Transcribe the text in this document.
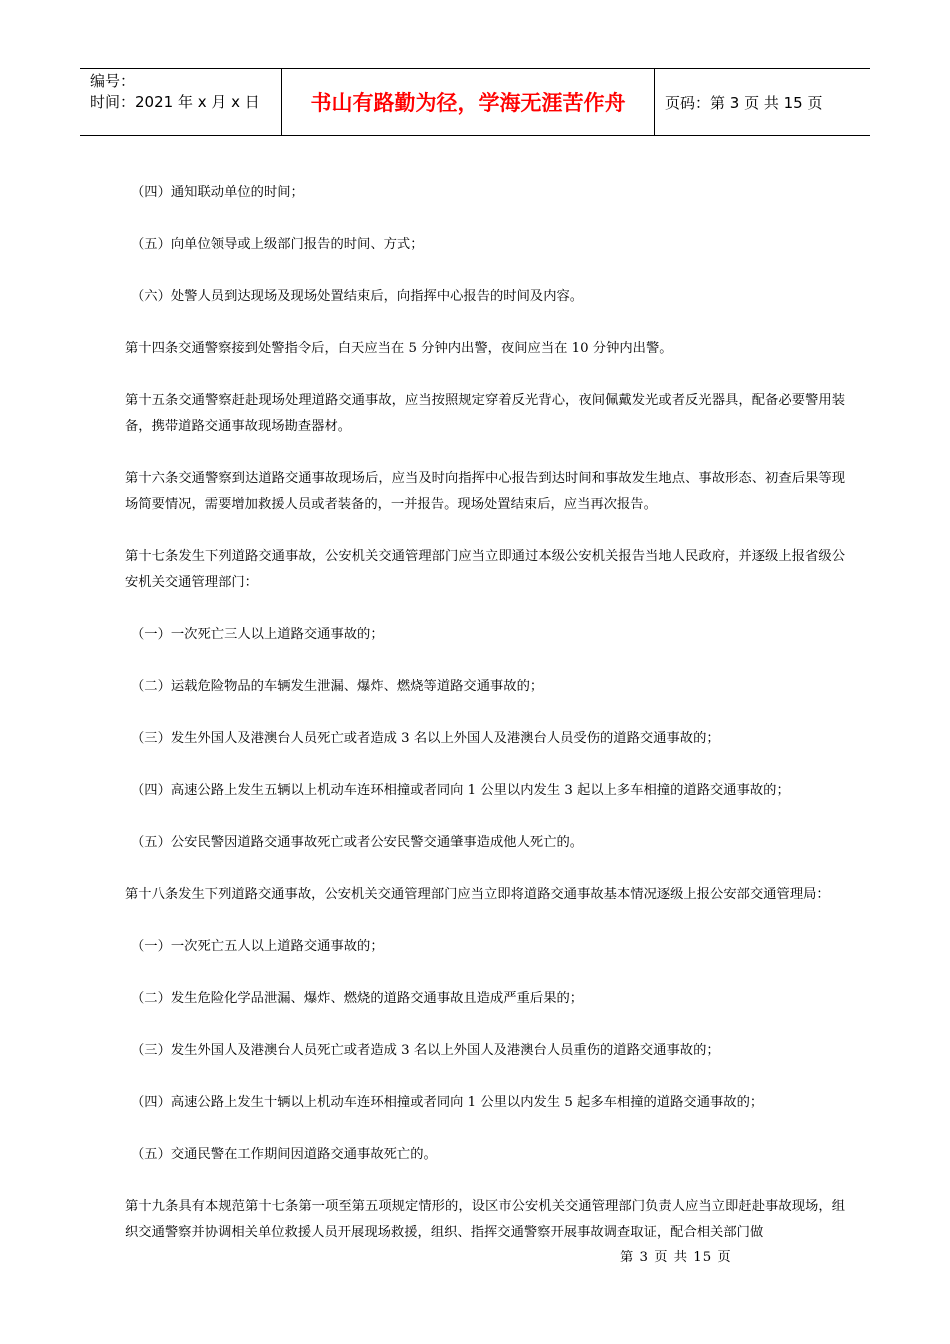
编号：
时间：2021 年 x 月 x 日	书山有路勤为径，学海无涯苦作舟	页码：第 3 页 共 15 页

（四）通知联动单位的时间；

（五）向单位领导或上级部门报告的时间、方式；

（六）处警人员到达现场及现场处置结束后，向指挥中心报告的时间及内容。

第十四条交通警察接到处警指令后，白天应当在 5 分钟内出警，夜间应当在 10 分钟内出警。

第十五条交通警察赶赴现场处理道路交通事故，应当按照规定穿着反光背心，夜间佩戴发光或者反光器具，配备必要警用装备，携带道路交通事故现场勘查器材。

第十六条交通警察到达道路交通事故现场后，应当及时向指挥中心报告到达时间和事故发生地点、事故形态、初查后果等现场简要情况，需要增加救援人员或者装备的，一并报告。现场处置结束后，应当再次报告。

第十七条发生下列道路交通事故，公安机关交通管理部门应当立即通过本级公安机关报告当地人民政府，并逐级上报省级公安机关交通管理部门：

（一）一次死亡三人以上道路交通事故的；

（二）运载危险物品的车辆发生泄漏、爆炸、燃烧等道路交通事故的；

（三）发生外国人及港澳台人员死亡或者造成 3 名以上外国人及港澳台人员受伤的道路交通事故的；

（四）高速公路上发生五辆以上机动车连环相撞或者同向 1 公里以内发生 3 起以上多车相撞的道路交通事故的；

（五）公安民警因道路交通事故死亡或者公安民警交通肇事造成他人死亡的。

第十八条发生下列道路交通事故，公安机关交通管理部门应当立即将道路交通事故基本情况逐级上报公安部交通管理局：

（一）一次死亡五人以上道路交通事故的；

（二）发生危险化学品泄漏、爆炸、燃烧的道路交通事故且造成严重后果的；

（三）发生外国人及港澳台人员死亡或者造成 3 名以上外国人及港澳台人员重伤的道路交通事故的；

（四）高速公路上发生十辆以上机动车连环相撞或者同向 1 公里以内发生 5 起多车相撞的道路交通事故的；

（五）交通民警在工作期间因道路交通事故死亡的。

第十九条具有本规范第十七条第一项至第五项规定情形的，设区市公安机关交通管理部门负责人应当立即赶赴事故现场，组织交通警察并协调相关单位救援人员开展现场救援，组织、指挥交通警察开展事故调查取证，配合相关部门做

第 3 页 共 15 页
